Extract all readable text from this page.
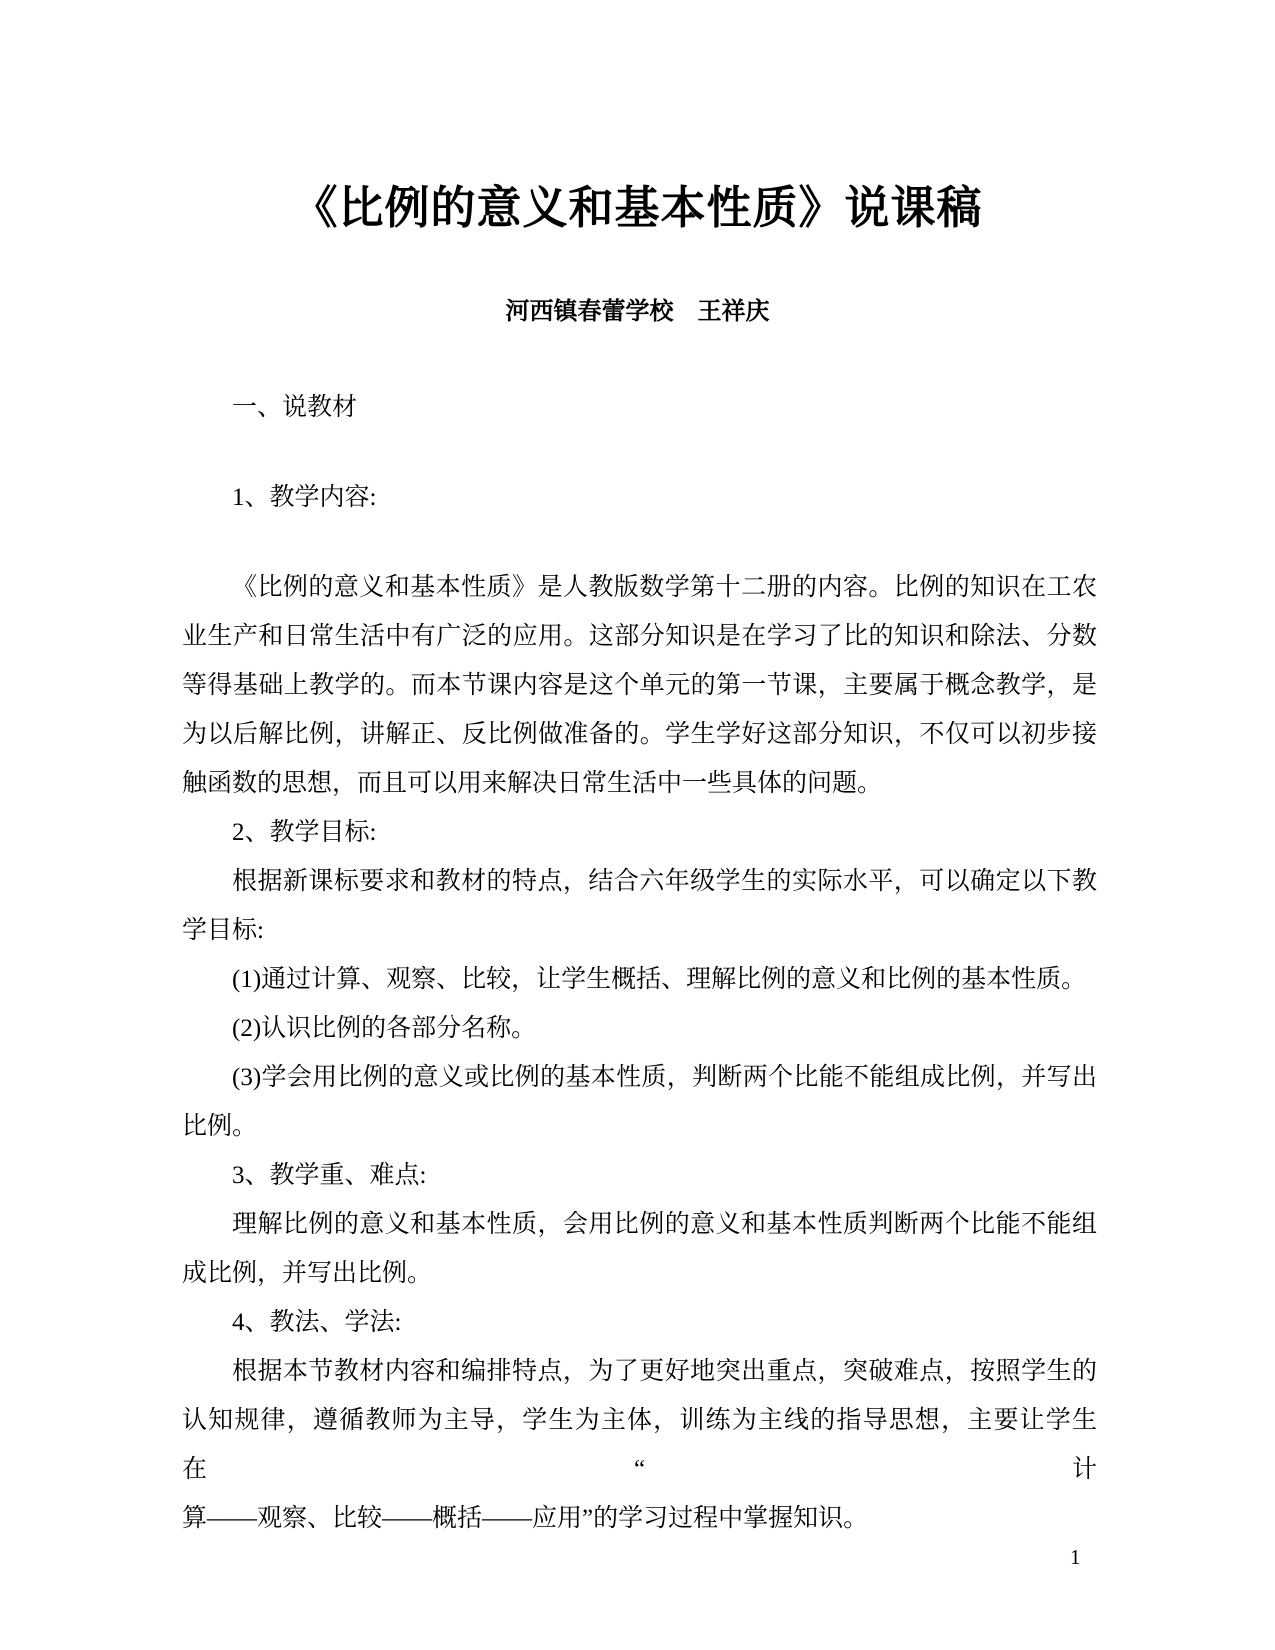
《比例的意义和基本性质》说课稿
河西镇春蕾学校　王祥庆
一、说教材
1、教学内容:
《比例的意义和基本性质》是人教版数学第十二册的内容。比例的知识在工农
业生产和日常生活中有广泛的应用。这部分知识是在学习了比的知识和除法、分数
等得基础上教学的。而本节课内容是这个单元的第一节课，主要属于概念教学，是
为以后解比例，讲解正、反比例做准备的。学生学好这部分知识，不仅可以初步接
触函数的思想，而且可以用来解决日常生活中一些具体的问题。
2、教学目标:
根据新课标要求和教材的特点，结合六年级学生的实际水平，可以确定以下教
学目标:
(1)通过计算、观察、比较，让学生概括、理解比例的意义和比例的基本性质。
(2)认识比例的各部分名称。
(3)学会用比例的意义或比例的基本性质，判断两个比能不能组成比例，并写出
比例。
3、教学重、难点:
理解比例的意义和基本性质，会用比例的意义和基本性质判断两个比能不能组
成比例，并写出比例。
4、教法、学法:
根据本节教材内容和编排特点，为了更好地突出重点，突破难点，按照学生的
认知规律，遵循教师为主导，学生为主体，训练为主线的指导思想，主要让学生在“计
算——观察、比较——概括——应用”的学习过程中掌握知识。
1
